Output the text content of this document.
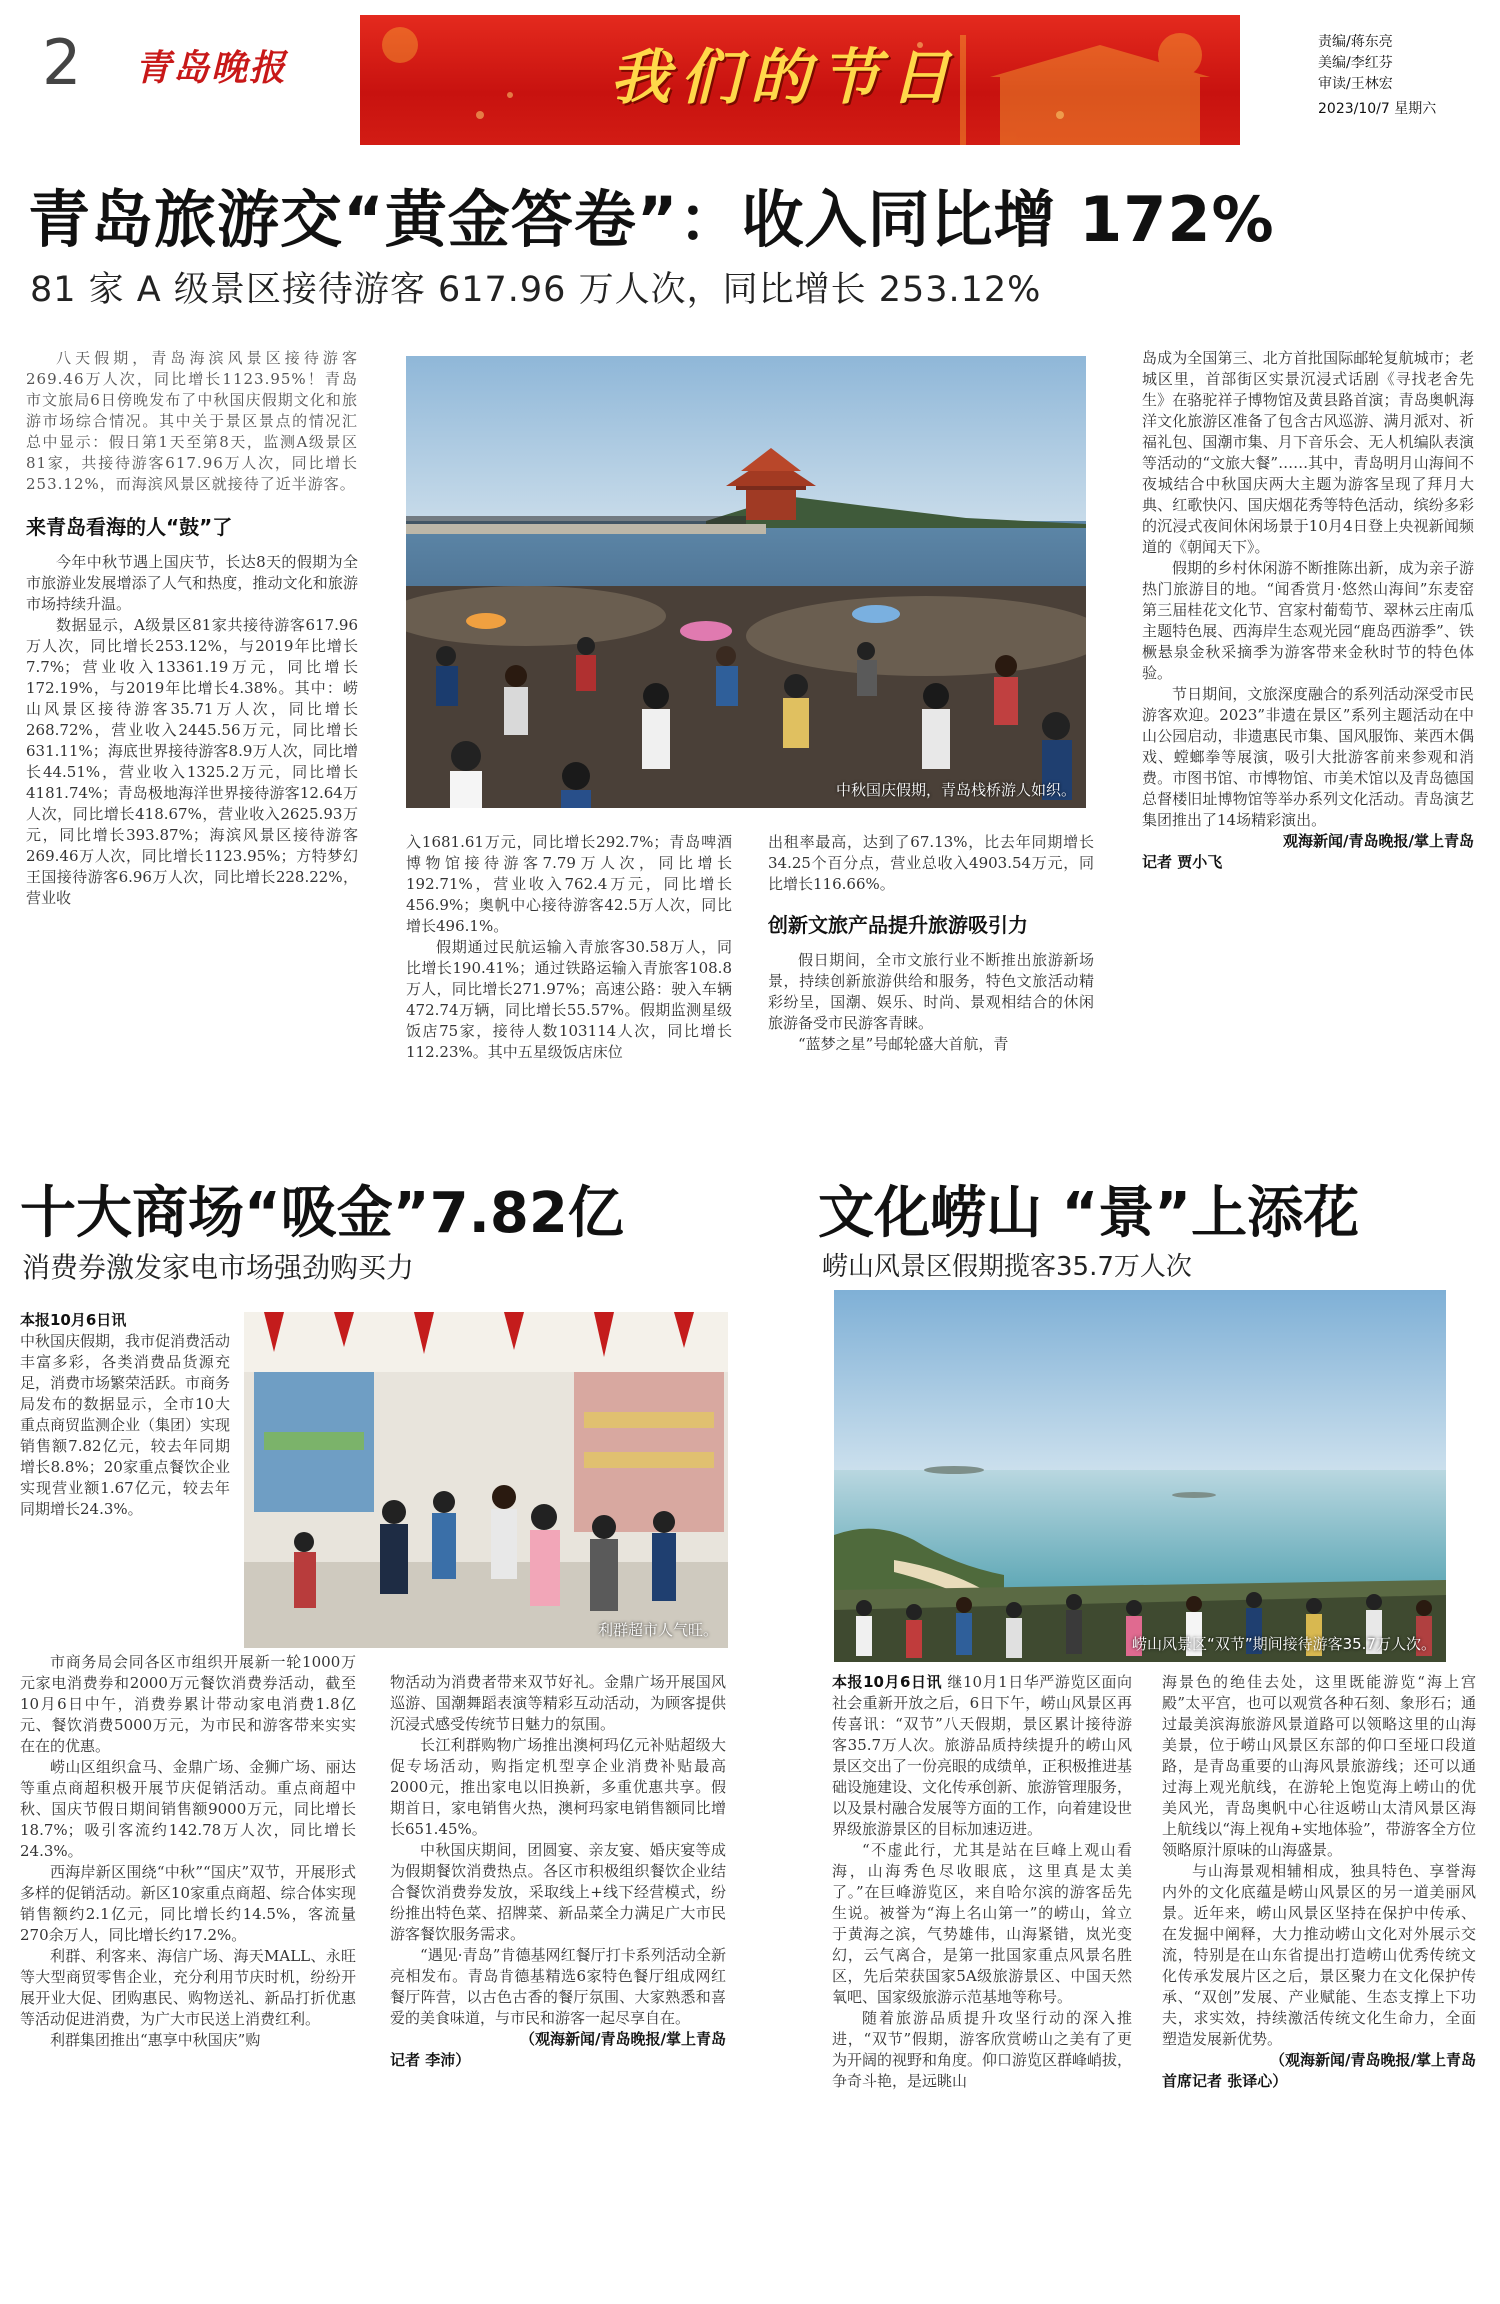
2 青岛晚报	我们的节日
责编/蒋东亮
美编/李红芬
审读/王林宏
2023/10/7 星期六
青岛旅游交“黄金答卷”：收入同比增 172%
81 家 A 级景区接待游客 617.96 万人次，同比增长 253.12%

八天假期，青岛海滨风景区接待游客269.46万人次，同比增长1123.95%！青岛市文旅局6日傍晚发布了中秋国庆假期文化和旅游市场综合情况。其中关于景区景点的情况汇总中显示：假日第1天至第8天，监测A级景区81家，共接待游客617.96万人次，同比增长253.12%，而海滨风景区就接待了近半游客。

来青岛看海的人“鼓”了

今年中秋节遇上国庆节，长达8天的假期为全市旅游业发展增添了人气和热度，推动文化和旅游市场持续升温。

数据显示，A级景区81家共接待游客617.96万人次，同比增长253.12%，与2019年比增长7.7%；营业收入13361.19万元，同比增长172.19%，与2019年比增长4.38%。其中：崂山风景区接待游客35.71万人次，同比增长268.72%，营业收入2445.56万元，同比增长631.11%；海底世界接待游客8.9万人次，同比增长44.51%，营业收入1325.2万元，同比增长4181.74%；青岛极地海洋世界接待游客12.64万人次，同比增长418.67%，营业收入2625.93万元，同比增长393.87%；海滨风景区接待游客269.46万人次，同比增长1123.95%；方特梦幻王国接待游客6.96万人次，同比增长228.22%，营业收

中秋国庆假期，青岛栈桥游人如织。

入1681.61万元，同比增长292.7%；青岛啤酒博物馆接待游客7.79万人次，同比增长192.71%，营业收入762.4万元，同比增长456.9%；奥帆中心接待游客42.5万人次，同比增长496.1%。

假期通过民航运输入青旅客30.58万人，同比增长190.41%；通过铁路运输入青旅客108.8万人，同比增长271.97%；高速公路：驶入车辆472.74万辆，同比增长55.57%。假期监测星级饭店75家，接待人数103114人次，同比增长112.23%。其中五星级饭店床位

出租率最高，达到了67.13%，比去年同期增长34.25个百分点，营业总收入4903.54万元，同比增长116.66%。

创新文旅产品提升旅游吸引力

假日期间，全市文旅行业不断推出旅游新场景，持续创新旅游供给和服务，特色文旅活动精彩纷呈，国潮、娱乐、时尚、景观相结合的休闲旅游备受市民游客青睐。

“蓝梦之星”号邮轮盛大首航，青

岛成为全国第三、北方首批国际邮轮复航城市；老城区里，首部街区实景沉浸式话剧《寻找老舍先生》在骆驼祥子博物馆及黄县路首演；青岛奥帆海洋文化旅游区准备了包含古风巡游、满月派对、祈福礼包、国潮市集、月下音乐会、无人机编队表演等活动的“文旅大餐”……其中，青岛明月山海间不夜城结合中秋国庆两大主题为游客呈现了拜月大典、红歌快闪、国庆烟花秀等特色活动，缤纷多彩的沉浸式夜间休闲场景于10月4日登上央视新闻频道的《朝闻天下》。

假期的乡村休闲游不断推陈出新，成为亲子游热门旅游目的地。“闻香赏月·悠然山海间”东麦窑第三届桂花文化节、宫家村葡萄节、翠林云庄南瓜主题特色展、西海岸生态观光园“鹿岛西游季”、铁橛悬泉金秋采摘季为游客带来金秋时节的特色体验。

节日期间，文旅深度融合的系列活动深受市民游客欢迎。2023”非遗在景区”系列主题活动在中山公园启动，非遗惠民市集、国风服饰、莱西木偶戏、螳螂拳等展演，吸引大批游客前来参观和消费。市图书馆、市博物馆、市美术馆以及青岛德国总督楼旧址博物馆等举办系列文化活动。青岛演艺集团推出了14场精彩演出。

观海新闻/青岛晚报/掌上青岛

记者 贾小飞

十大商场“吸金”7.82亿
消费券激发家电市场强劲购买力

本报10月6日讯

中秋国庆假期，我市促消费活动丰富多彩，各类消费品货源充足，消费市场繁荣活跃。市商务局发布的数据显示，全市10大重点商贸监测企业（集团）实现销售额7.82亿元，较去年同期增长8.8%；20家重点餐饮企业实现营业额1.67亿元，较去年同期增长24.3%。

利群超市人气旺。

市商务局会同各区市组织开展新一轮1000万元家电消费券和2000万元餐饮消费券活动，截至10月6日中午，消费券累计带动家电消费1.8亿元、餐饮消费5000万元，为市民和游客带来实实在在的优惠。

崂山区组织盒马、金鼎广场、金狮广场、丽达等重点商超积极开展节庆促销活动。重点商超中秋、国庆节假日期间销售额9000万元，同比增长18.7%；吸引客流约142.78万人次，同比增长24.3%。

西海岸新区围绕“中秋”“国庆”双节，开展形式多样的促销活动。新区10家重点商超、综合体实现销售额约2.1亿元，同比增长约14.5%，客流量270余万人，同比增长约17.2%。

利群、利客来、海信广场、海天MALL、永旺等大型商贸零售企业，充分利用节庆时机，纷纷开展开业大促、团购惠民、购物送礼、新品打折优惠等活动促进消费，为广大市民送上消费红利。

利群集团推出“惠享中秋国庆”购

物活动为消费者带来双节好礼。金鼎广场开展国风巡游、国潮舞蹈表演等精彩互动活动，为顾客提供沉浸式感受传统节日魅力的氛围。

长江利群购物广场推出澳柯玛亿元补贴超级大促专场活动，购指定机型享企业消费补贴最高2000元，推出家电以旧换新，多重优惠共享。假期首日，家电销售火热，澳柯玛家电销售额同比增长651.45%。

中秋国庆期间，团圆宴、亲友宴、婚庆宴等成为假期餐饮消费热点。各区市积极组织餐饮企业结合餐饮消费券发放，采取线上+线下经营模式，纷纷推出特色菜、招牌菜、新品菜全力满足广大市民游客餐饮服务需求。

“遇见·青岛”肯德基网红餐厅打卡系列活动全新亮相发布。青岛肯德基精选6家特色餐厅组成网红餐厅阵营，以古色古香的餐厅氛围、大家熟悉和喜爱的美食味道，与市民和游客一起尽享自在。

（观海新闻/青岛晚报/掌上青岛

记者 李沛）

文化崂山 “景”上添花
崂山风景区假期揽客35.7万人次
崂山风景区“双节”期间接待游客35.7万人次。

本报10月6日讯 继10月1日华严游览区面向社会重新开放之后，6日下午，崂山风景区再传喜讯：“双节”八天假期，景区累计接待游客35.7万人次。旅游品质持续提升的崂山风景区交出了一份亮眼的成绩单，正积极推进基础设施建设、文化传承创新、旅游管理服务，以及景村融合发展等方面的工作，向着建设世界级旅游景区的目标加速迈进。

“不虚此行，尤其是站在巨峰上观山看海，山海秀色尽收眼底，这里真是太美了。”在巨峰游览区，来自哈尔滨的游客岳先生说。被誉为“海上名山第一”的崂山，耸立于黄海之滨，气势雄伟，山海紧错，岚光变幻，云气离合，是第一批国家重点风景名胜区，先后荣获国家5A级旅游景区、中国天然氧吧、国家级旅游示范基地等称号。

随着旅游品质提升攻坚行动的深入推进，“双节”假期，游客欣赏崂山之美有了更为开阔的视野和角度。仰口游览区群峰峭拔，争奇斗艳，是远眺山

海景色的绝佳去处，这里既能游览“海上宫殿”太平宫，也可以观赏各种石刻、象形石；通过最美滨海旅游风景道路可以领略这里的山海美景，位于崂山风景区东部的仰口至垭口段道路，是青岛重要的山海风景旅游线；还可以通过海上观光航线，在游轮上饱览海上崂山的优美风光，青岛奥帆中心往返崂山太清风景区海上航线以“海上视角+实地体验”，带游客全方位领略原汁原味的山海盛景。

与山海景观相辅相成，独具特色、享誉海内外的文化底蕴是崂山风景区的另一道美丽风景。近年来，崂山风景区坚持在保护中传承、在发掘中阐释，大力推动崂山文化对外展示交流，特别是在山东省提出打造崂山优秀传统文化传承发展片区之后，景区聚力在文化保护传承、“双创”发展、产业赋能、生态支撑上下功夫，求实效，持续激活传统文化生命力，全面塑造发展新优势。

（观海新闻/青岛晚报/掌上青岛

首席记者 张译心）
